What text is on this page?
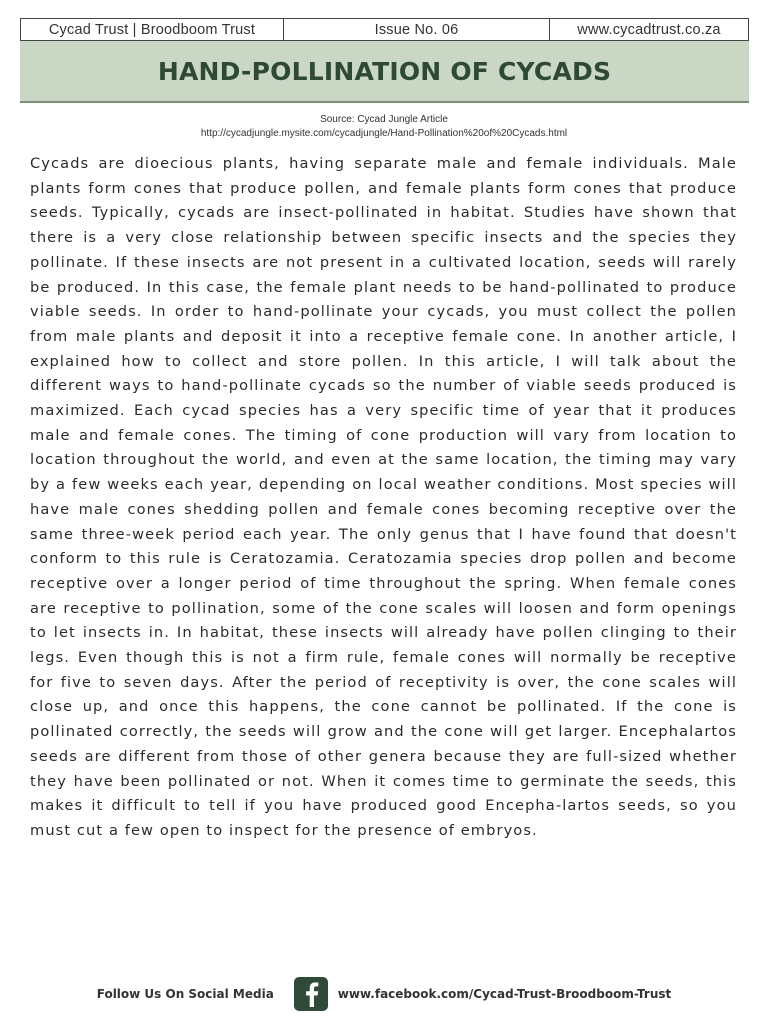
Cycad Trust | Broodboom Trust	Issue No. 06	www.cycadtrust.co.za
HAND-POLLINATION OF CYCADS
Source: Cycad Jungle Article
http://cycadjungle.mysite.com/cycadjungle/Hand-Pollination%20of%20Cycads.html
Cycads are dioecious plants, having separate male and female individuals. Male plants form cones that produce pollen, and female plants form cones that produce seeds. Typically, cycads are insect-pollinated in habitat. Studies have shown that there is a very close relationship between specific insects and the species they pollinate. If these insects are not present in a cultivated location, seeds will rarely be produced. In this case, the female plant needs to be hand-pollinated to produce viable seeds. In order to hand-pollinate your cycads, you must collect the pollen from male plants and deposit it into a receptive female cone. In another article, I explained how to collect and store pollen. In this article, I will talk about the different ways to hand-pollinate cycads so the number of viable seeds produced is maximized. Each cycad species has a very specific time of year that it produces male and female cones. The timing of cone production will vary from location to location throughout the world, and even at the same location, the timing may vary by a few weeks each year, depending on local weather conditions. Most species will have male cones shedding pollen and female cones becoming receptive over the same three-week period each year. The only genus that I have found that doesn't conform to this rule is Ceratozamia. Ceratozamia species drop pollen and become receptive over a longer period of time throughout the spring. When female cones are receptive to pollination, some of the cone scales will loosen and form openings to let insects in. In habitat, these insects will already have pollen clinging to their legs. Even though this is not a firm rule, female cones will normally be receptive for five to seven days. After the period of receptivity is over, the cone scales will close up, and once this happens, the cone cannot be pollinated. If the cone is pollinated correctly, the seeds will grow and the cone will get larger. Encephalartos seeds are different from those of other genera because they are full-sized whether they have been pollinated or not. When it comes time to germinate the seeds, this makes it difficult to tell if you have produced good Encepha-lartos seeds, so you must cut a few open to inspect for the presence of embryos.
Follow Us On Social Media	www.facebook.com/Cycad-Trust-Broodboom-Trust
